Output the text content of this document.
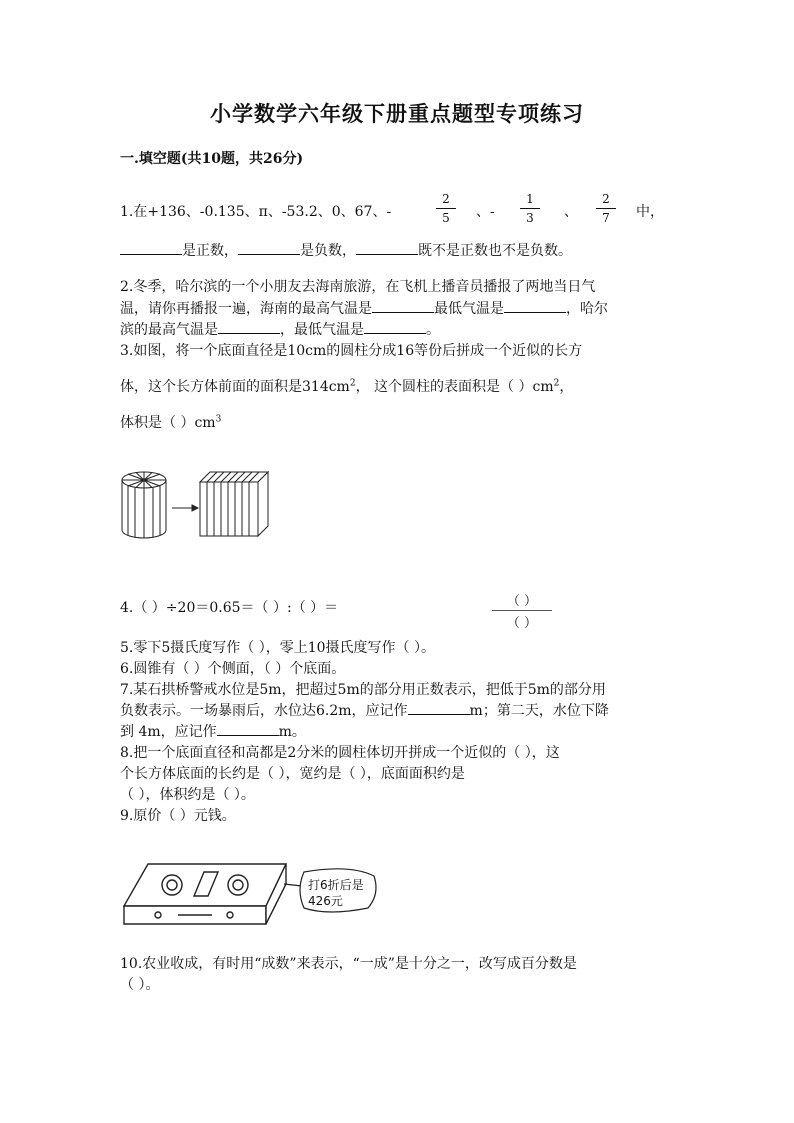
小学数学六年级下册重点题型专项练习
一.填空题(共10题，共26分)
1.在+136、-0.135、π、-53.2、0、67、-
2
5	、-
1
3	、
2
7	中，
是正数，	是负数，	既不是正数也不是负数。
2.冬季，哈尔滨的一个小朋友去海南旅游，在飞机上播音员播报了两地当日气
温，请你再播报一遍，海南的最高气温是	最低气温是	，哈尔
滨的最高气温是	，最低气温是	。
3.如图，将一个底面直径是10cm的圆柱分成16等份后拼成一个近似的长方
体，这个长方体前面的面积是$314cm^2$， 这个圆柱的表面积是（ ）$cm^2$，
体积是（ ）$cm^3$
4.（ ）÷20＝0.65＝（ ）:（ ）＝	（ ）
（ ）
5.零下5摄氏度写作（ ），零上10摄氏度写作（ ）。
6.圆锥有（ ）个侧面，（ ）个底面。
7.某石拱桥警戒水位是5m，把超过5m的部分用正数表示，把低于5m的部分用
负数表示。一场暴雨后，水位达6.2m，应记作	m；第二天，水位下降
到 4m，应记作	m。
8.把一个底面直径和高都是2分米的圆柱体切开拼成一个近似的（ ），这
个长方体底面的长约是（ ），宽约是（ ），底面面积约是
（ ），体积约是（ ）。
9.原价（ ）元钱。
打6折后是
426元
10.农业收成，有时用“成数”来表示，“一成”是十分之一，改写成百分数是
（ ）。
